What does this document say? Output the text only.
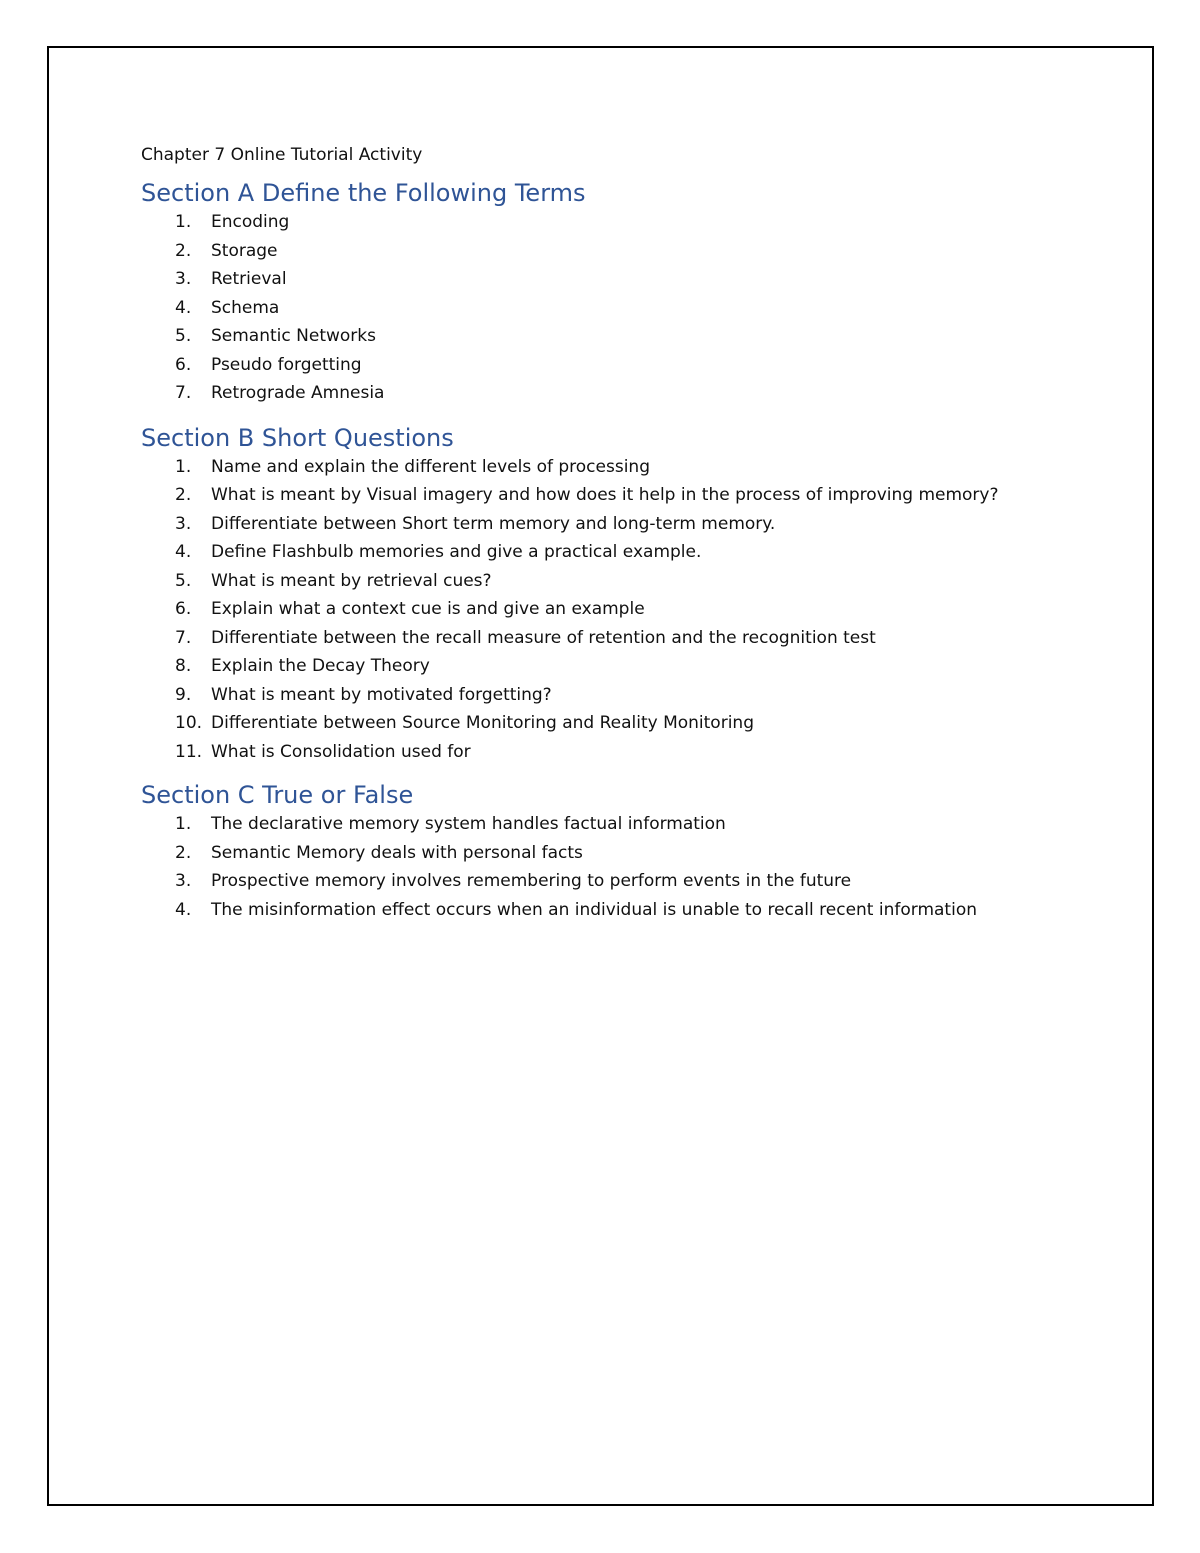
Chapter 7 Online Tutorial Activity

Section A Define the Following Terms
1.	Encoding
2.	Storage
3.	Retrieval
4.	Schema
5.	Semantic Networks
6.	Pseudo forgetting
7.	Retrograde Amnesia
Section B Short Questions
1.	Name and explain the different levels of processing
2.	What is meant by Visual imagery and how does it help in the process of improving memory?
3.	Differentiate between Short term memory and long-term memory.
4.	Define Flashbulb memories and give a practical example.
5.	What is meant by retrieval cues?
6.	Explain what a context cue is and give an example
7.	Differentiate between the recall measure of retention and the recognition test
8.	Explain the Decay Theory
9.	What is meant by motivated forgetting?
10. Differentiate between Source Monitoring and Reality Monitoring
11. What is Consolidation used for
Section C True or False
1.	The declarative memory system handles factual information
2.	Semantic Memory deals with personal facts
3.	Prospective memory involves remembering to perform events in the future
4.	The misinformation effect occurs when an individual is unable to recall recent information
